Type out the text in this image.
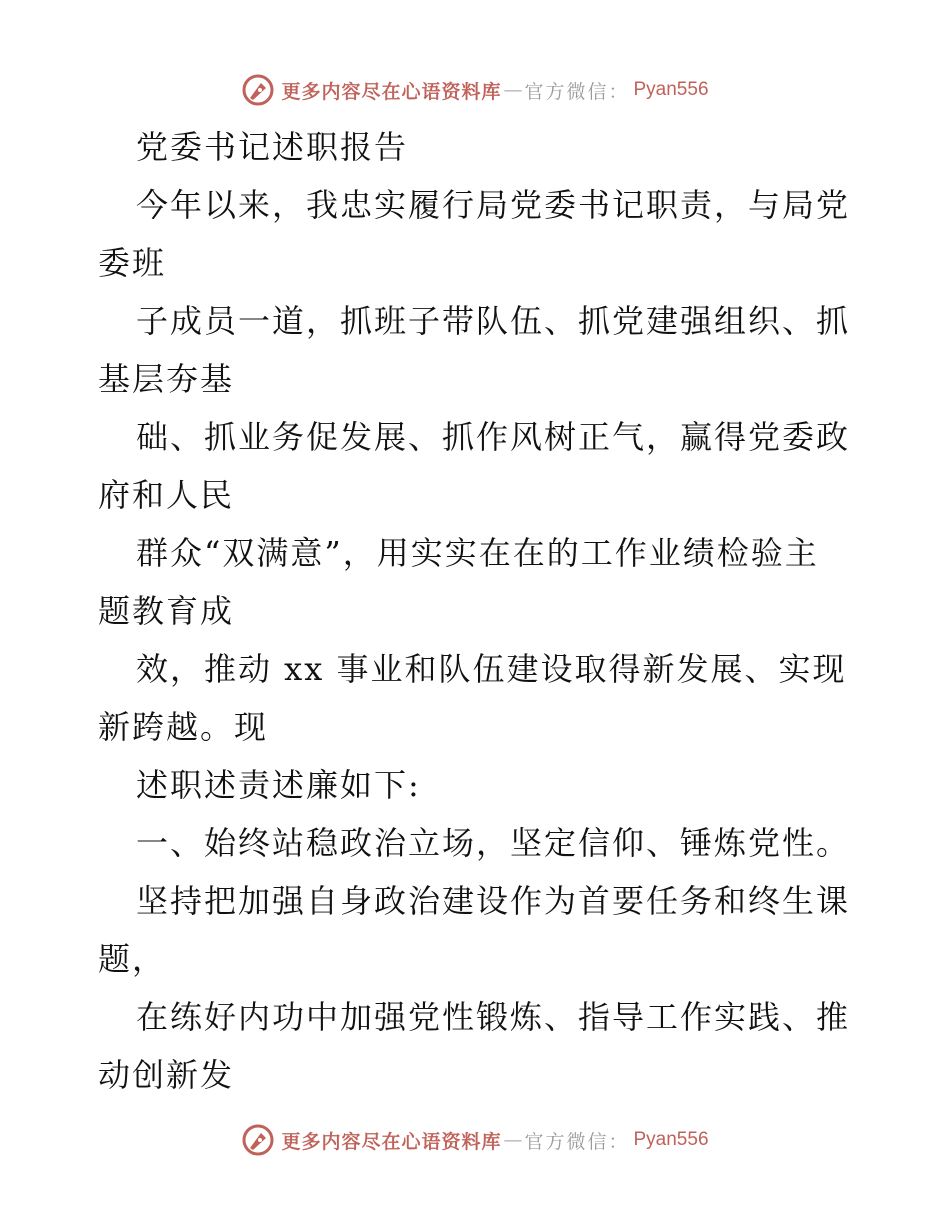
更多内容尽在心语资料库 — 官方微信： Pyan556
党委书记述职报告
今年以来，我忠实履行局党委书记职责，与局党
委班
子成员一道，抓班子带队伍、抓党建强组织、抓
基层夯基
础、抓业务促发展、抓作风树正气，赢得党委政
府和人民
群众“双满意”，用实实在在的工作业绩检验主
题教育成
效，推动 xx 事业和队伍建设取得新发展、实现
新跨越。现
述职述责述廉如下:
一、始终站稳政治立场，坚定信仰、锤炼党性。
坚持把加强自身政治建设作为首要任务和终生课
题，
在练好内功中加强党性锻炼、指导工作实践、推
动创新发
更多内容尽在心语资料库 — 官方微信： Pyan556
